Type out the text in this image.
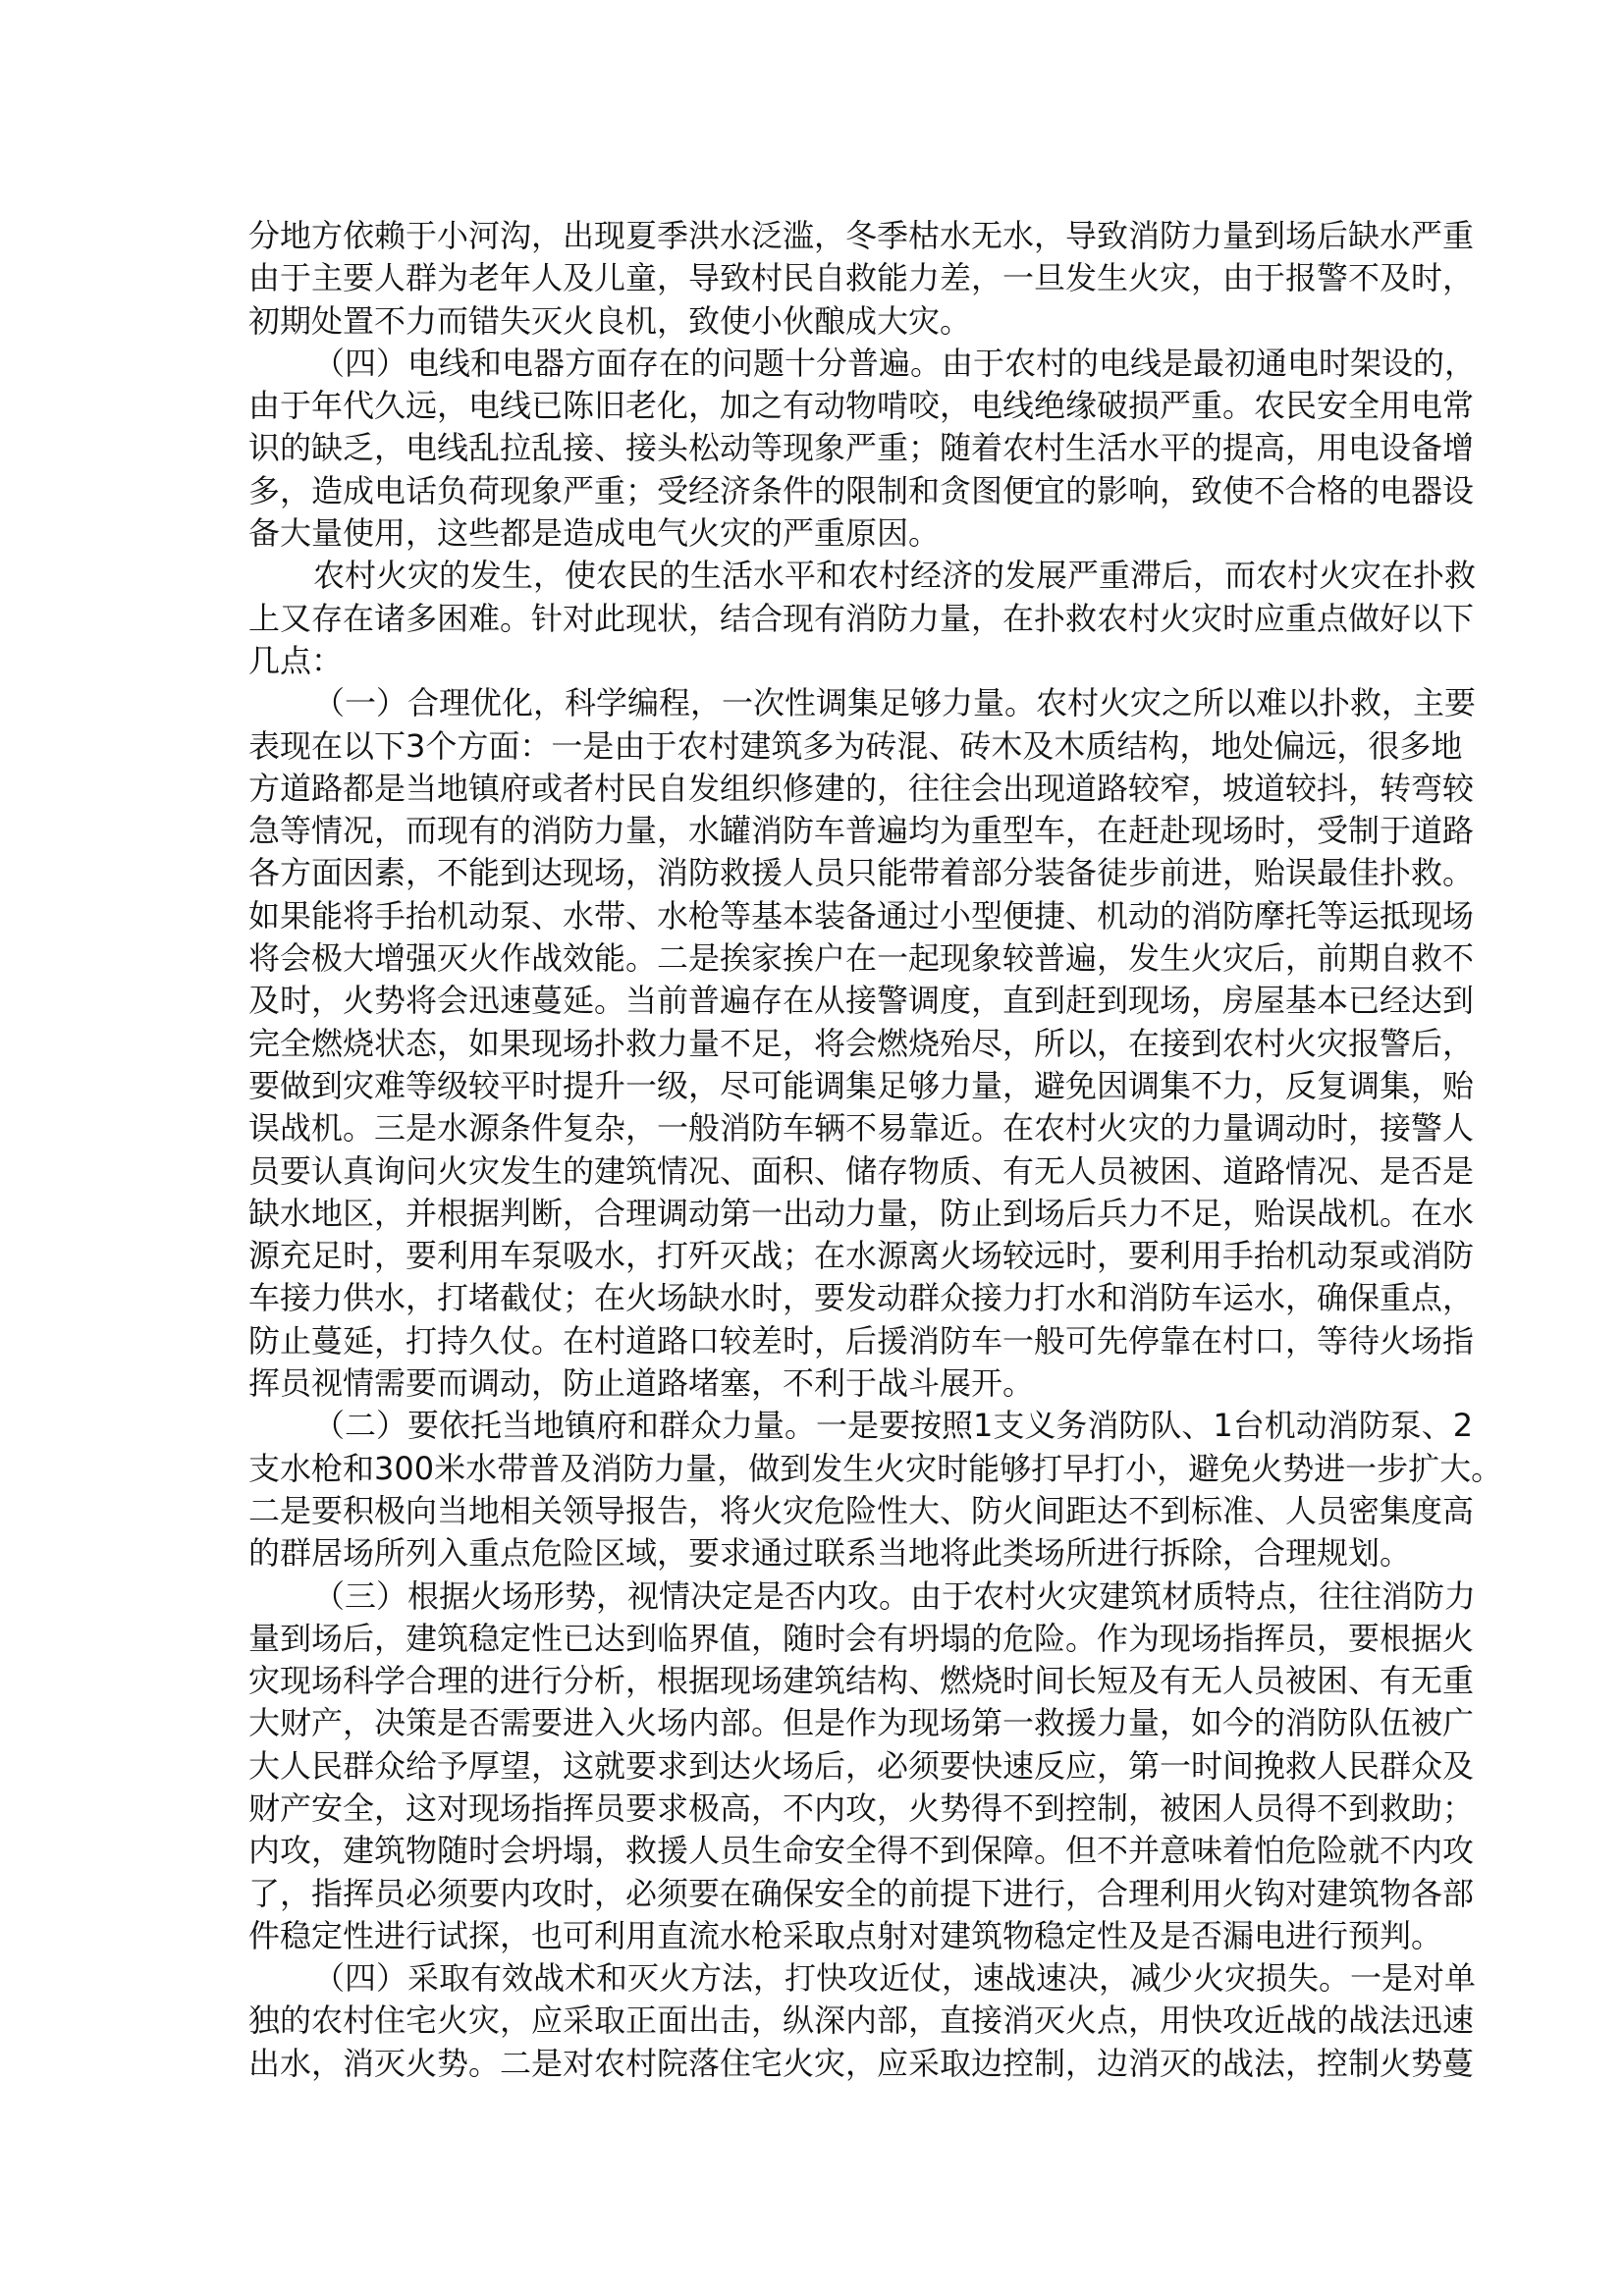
分地方依赖于小河沟，出现夏季洪水泛滥，冬季枯水无水，导致消防力量到场后缺水严重
由于主要人群为老年人及儿童，导致村民自救能力差，一旦发生火灾，由于报警不及时，
初期处置不力而错失灭火良机，致使小伙酿成大灾。
（四）电线和电器方面存在的问题十分普遍。由于农村的电线是最初通电时架设的，
由于年代久远，电线已陈旧老化，加之有动物啃咬，电线绝缘破损严重。农民安全用电常
识的缺乏，电线乱拉乱接、接头松动等现象严重；随着农村生活水平的提高，用电设备增
多，造成电话负荷现象严重；受经济条件的限制和贪图便宜的影响，致使不合格的电器设
备大量使用，这些都是造成电气火灾的严重原因。
农村火灾的发生，使农民的生活水平和农村经济的发展严重滞后，而农村火灾在扑救
上又存在诸多困难。针对此现状，结合现有消防力量，在扑救农村火灾时应重点做好以下
几点：
（一）合理优化，科学编程，一次性调集足够力量。农村火灾之所以难以扑救，主要
表现在以下3个方面：一是由于农村建筑多为砖混、砖木及木质结构，地处偏远，很多地
方道路都是当地镇府或者村民自发组织修建的，往往会出现道路较窄，坡道较抖，转弯较
急等情况，而现有的消防力量，水罐消防车普遍均为重型车，在赶赴现场时，受制于道路
各方面因素，不能到达现场，消防救援人员只能带着部分装备徒步前进，贻误最佳扑救。
如果能将手抬机动泵、水带、水枪等基本装备通过小型便捷、机动的消防摩托等运抵现场
将会极大增强灭火作战效能。二是挨家挨户在一起现象较普遍，发生火灾后，前期自救不
及时，火势将会迅速蔓延。当前普遍存在从接警调度，直到赶到现场，房屋基本已经达到
完全燃烧状态，如果现场扑救力量不足，将会燃烧殆尽，所以，在接到农村火灾报警后，
要做到灾难等级较平时提升一级，尽可能调集足够力量，避免因调集不力，反复调集，贻
误战机。三是水源条件复杂，一般消防车辆不易靠近。在农村火灾的力量调动时，接警人
员要认真询问火灾发生的建筑情况、面积、储存物质、有无人员被困、道路情况、是否是
缺水地区，并根据判断，合理调动第一出动力量，防止到场后兵力不足，贻误战机。在水
源充足时，要利用车泵吸水，打歼灭战；在水源离火场较远时，要利用手抬机动泵或消防
车接力供水，打堵截仗；在火场缺水时，要发动群众接力打水和消防车运水，确保重点，
防止蔓延，打持久仗。在村道路口较差时，后援消防车一般可先停靠在村口，等待火场指
挥员视情需要而调动，防止道路堵塞，不利于战斗展开。
（二）要依托当地镇府和群众力量。一是要按照1支义务消防队、1台机动消防泵、2
支水枪和300米水带普及消防力量，做到发生火灾时能够打早打小，避免火势进一步扩大。
二是要积极向当地相关领导报告，将火灾危险性大、防火间距达不到标准、人员密集度高
的群居场所列入重点危险区域，要求通过联系当地将此类场所进行拆除，合理规划。
（三）根据火场形势，视情决定是否内攻。由于农村火灾建筑材质特点，往往消防力
量到场后，建筑稳定性已达到临界值，随时会有坍塌的危险。作为现场指挥员，要根据火
灾现场科学合理的进行分析，根据现场建筑结构、燃烧时间长短及有无人员被困、有无重
大财产，决策是否需要进入火场内部。但是作为现场第一救援力量，如今的消防队伍被广
大人民群众给予厚望，这就要求到达火场后，必须要快速反应，第一时间挽救人民群众及
财产安全，这对现场指挥员要求极高，不内攻，火势得不到控制，被困人员得不到救助；
内攻，建筑物随时会坍塌，救援人员生命安全得不到保障。但不并意味着怕危险就不内攻
了，指挥员必须要内攻时，必须要在确保安全的前提下进行，合理利用火钩对建筑物各部
件稳定性进行试探，也可利用直流水枪采取点射对建筑物稳定性及是否漏电进行预判。
（四）采取有效战术和灭火方法，打快攻近仗，速战速决，减少火灾损失。一是对单
独的农村住宅火灾，应采取正面出击，纵深内部，直接消灭火点，用快攻近战的战法迅速
出水，消灭火势。二是对农村院落住宅火灾，应采取边控制，边消灭的战法，控制火势蔓
